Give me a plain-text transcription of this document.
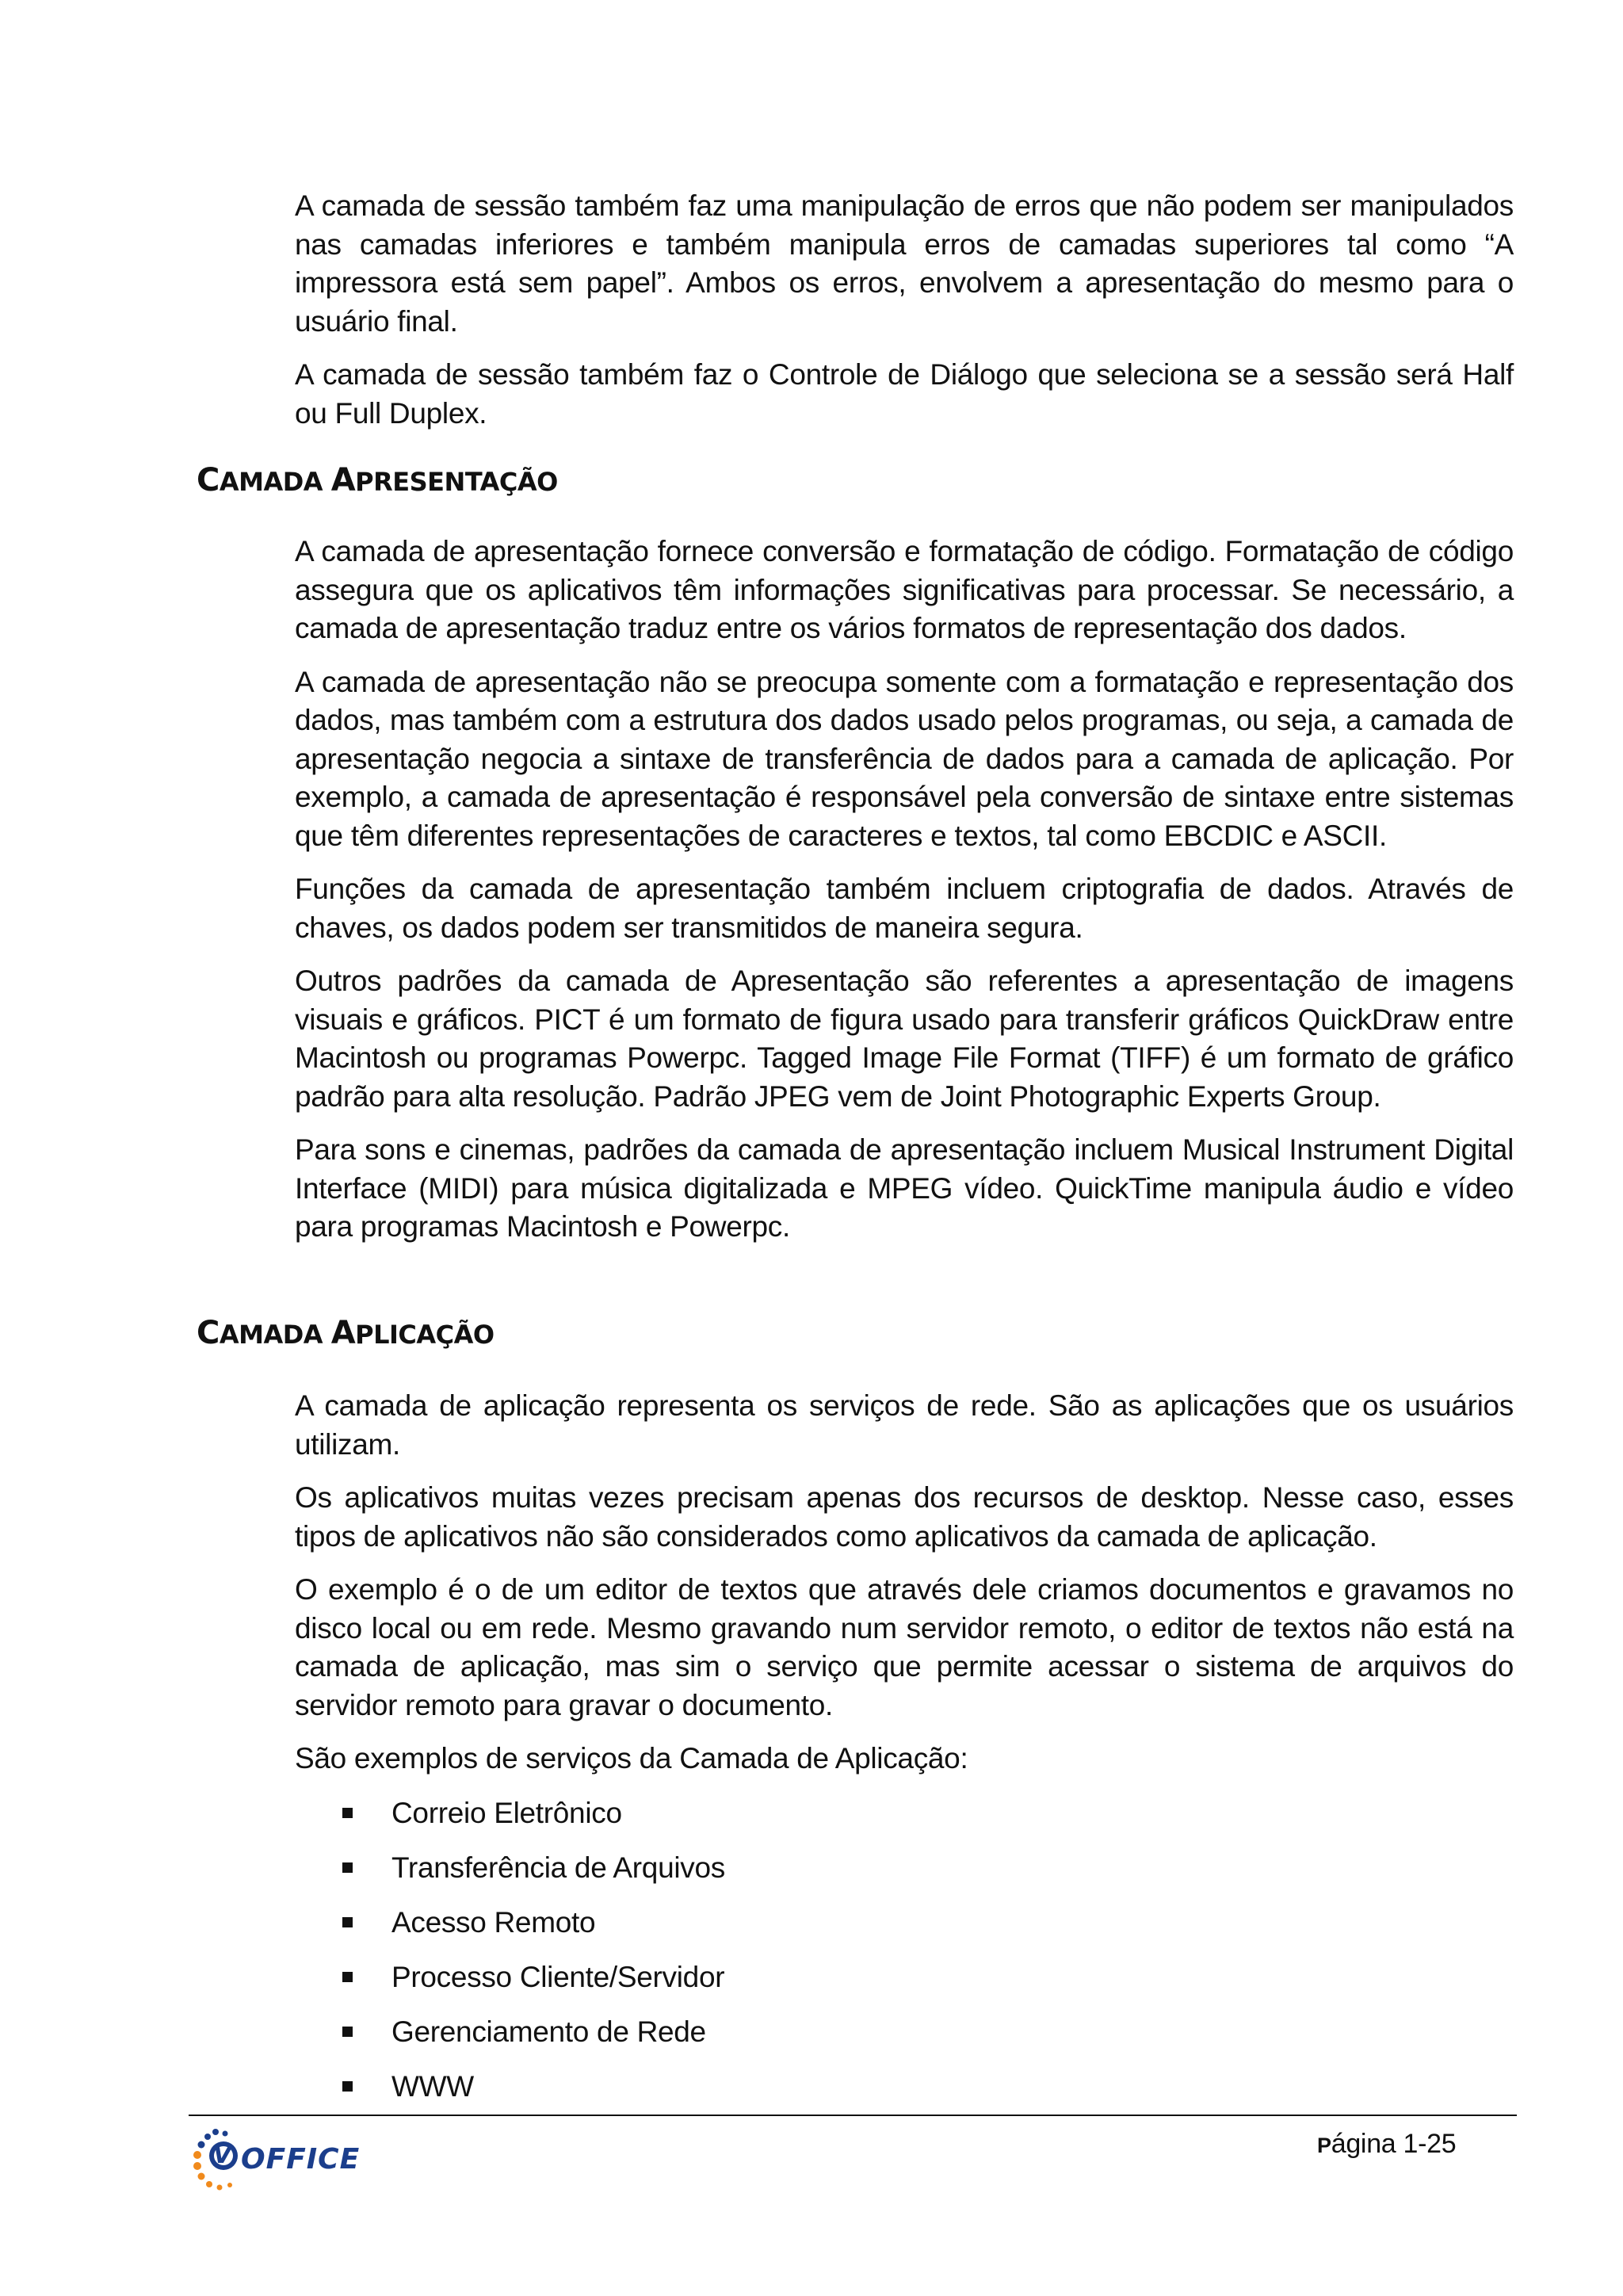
A camada de sessão também faz uma manipulação de erros que não podem ser manipulados nas camadas inferiores e também manipula erros de camadas superiores tal como “A impressora está sem papel”. Ambos os erros, envolvem a apresentação do mesmo para o usuário final.

A camada de sessão também faz o Controle de Diálogo que seleciona se a sessão será Half ou Full Duplex.

CAMADA APRESENTAÇÃO

A camada de apresentação fornece conversão e formatação de código. Formatação de código assegura que os aplicativos têm informações significativas para processar. Se necessário, a camada de apresentação traduz entre os vários formatos de representação dos dados.

A camada de apresentação não se preocupa somente com a formatação e representação dos dados, mas também com a estrutura dos dados usado pelos programas, ou seja, a camada de apresentação negocia a sintaxe de transferência de dados para a camada de aplicação. Por exemplo, a camada de apresentação é responsável pela conversão de sintaxe entre sistemas que têm diferentes representações de caracteres e textos, tal como EBCDIC e ASCII.

Funções da camada de apresentação também incluem criptografia de dados. Através de chaves, os dados podem ser transmitidos de maneira segura.

Outros padrões da camada de Apresentação são referentes a apresentação de imagens visuais e gráficos. PICT é um formato de figura usado para transferir gráficos QuickDraw entre Macintosh ou programas Powerpc. Tagged Image File Format (TIFF) é um formato de gráfico padrão para alta resolução. Padrão JPEG vem de Joint Photographic Experts Group.

Para sons e cinemas, padrões da camada de apresentação incluem Musical Instrument Digital Interface (MIDI) para música digitalizada e MPEG vídeo. QuickTime manipula áudio e vídeo para programas Macintosh e Powerpc.

CAMADA APLICAÇÃO

A camada de aplicação representa os serviços de rede. São as aplicações que os usuários utilizam.

Os aplicativos muitas vezes precisam apenas dos recursos de desktop. Nesse caso, esses tipos de aplicativos não são considerados como aplicativos da camada de aplicação.

O exemplo é o de um editor de textos que através dele criamos documentos e gravamos no disco local ou em rede. Mesmo gravando num servidor remoto, o editor de textos não está na camada de aplicação, mas sim o serviço que permite acessar o sistema de arquivos do servidor remoto para gravar o documento.

São exemplos de serviços da Camada de Aplicação:

Correio Eletrônico
Transferência de Arquivos
Acesso Remoto
Processo Cliente/Servidor
Gerenciamento de Rede
WWW
V OFFICE	Página 1-25
